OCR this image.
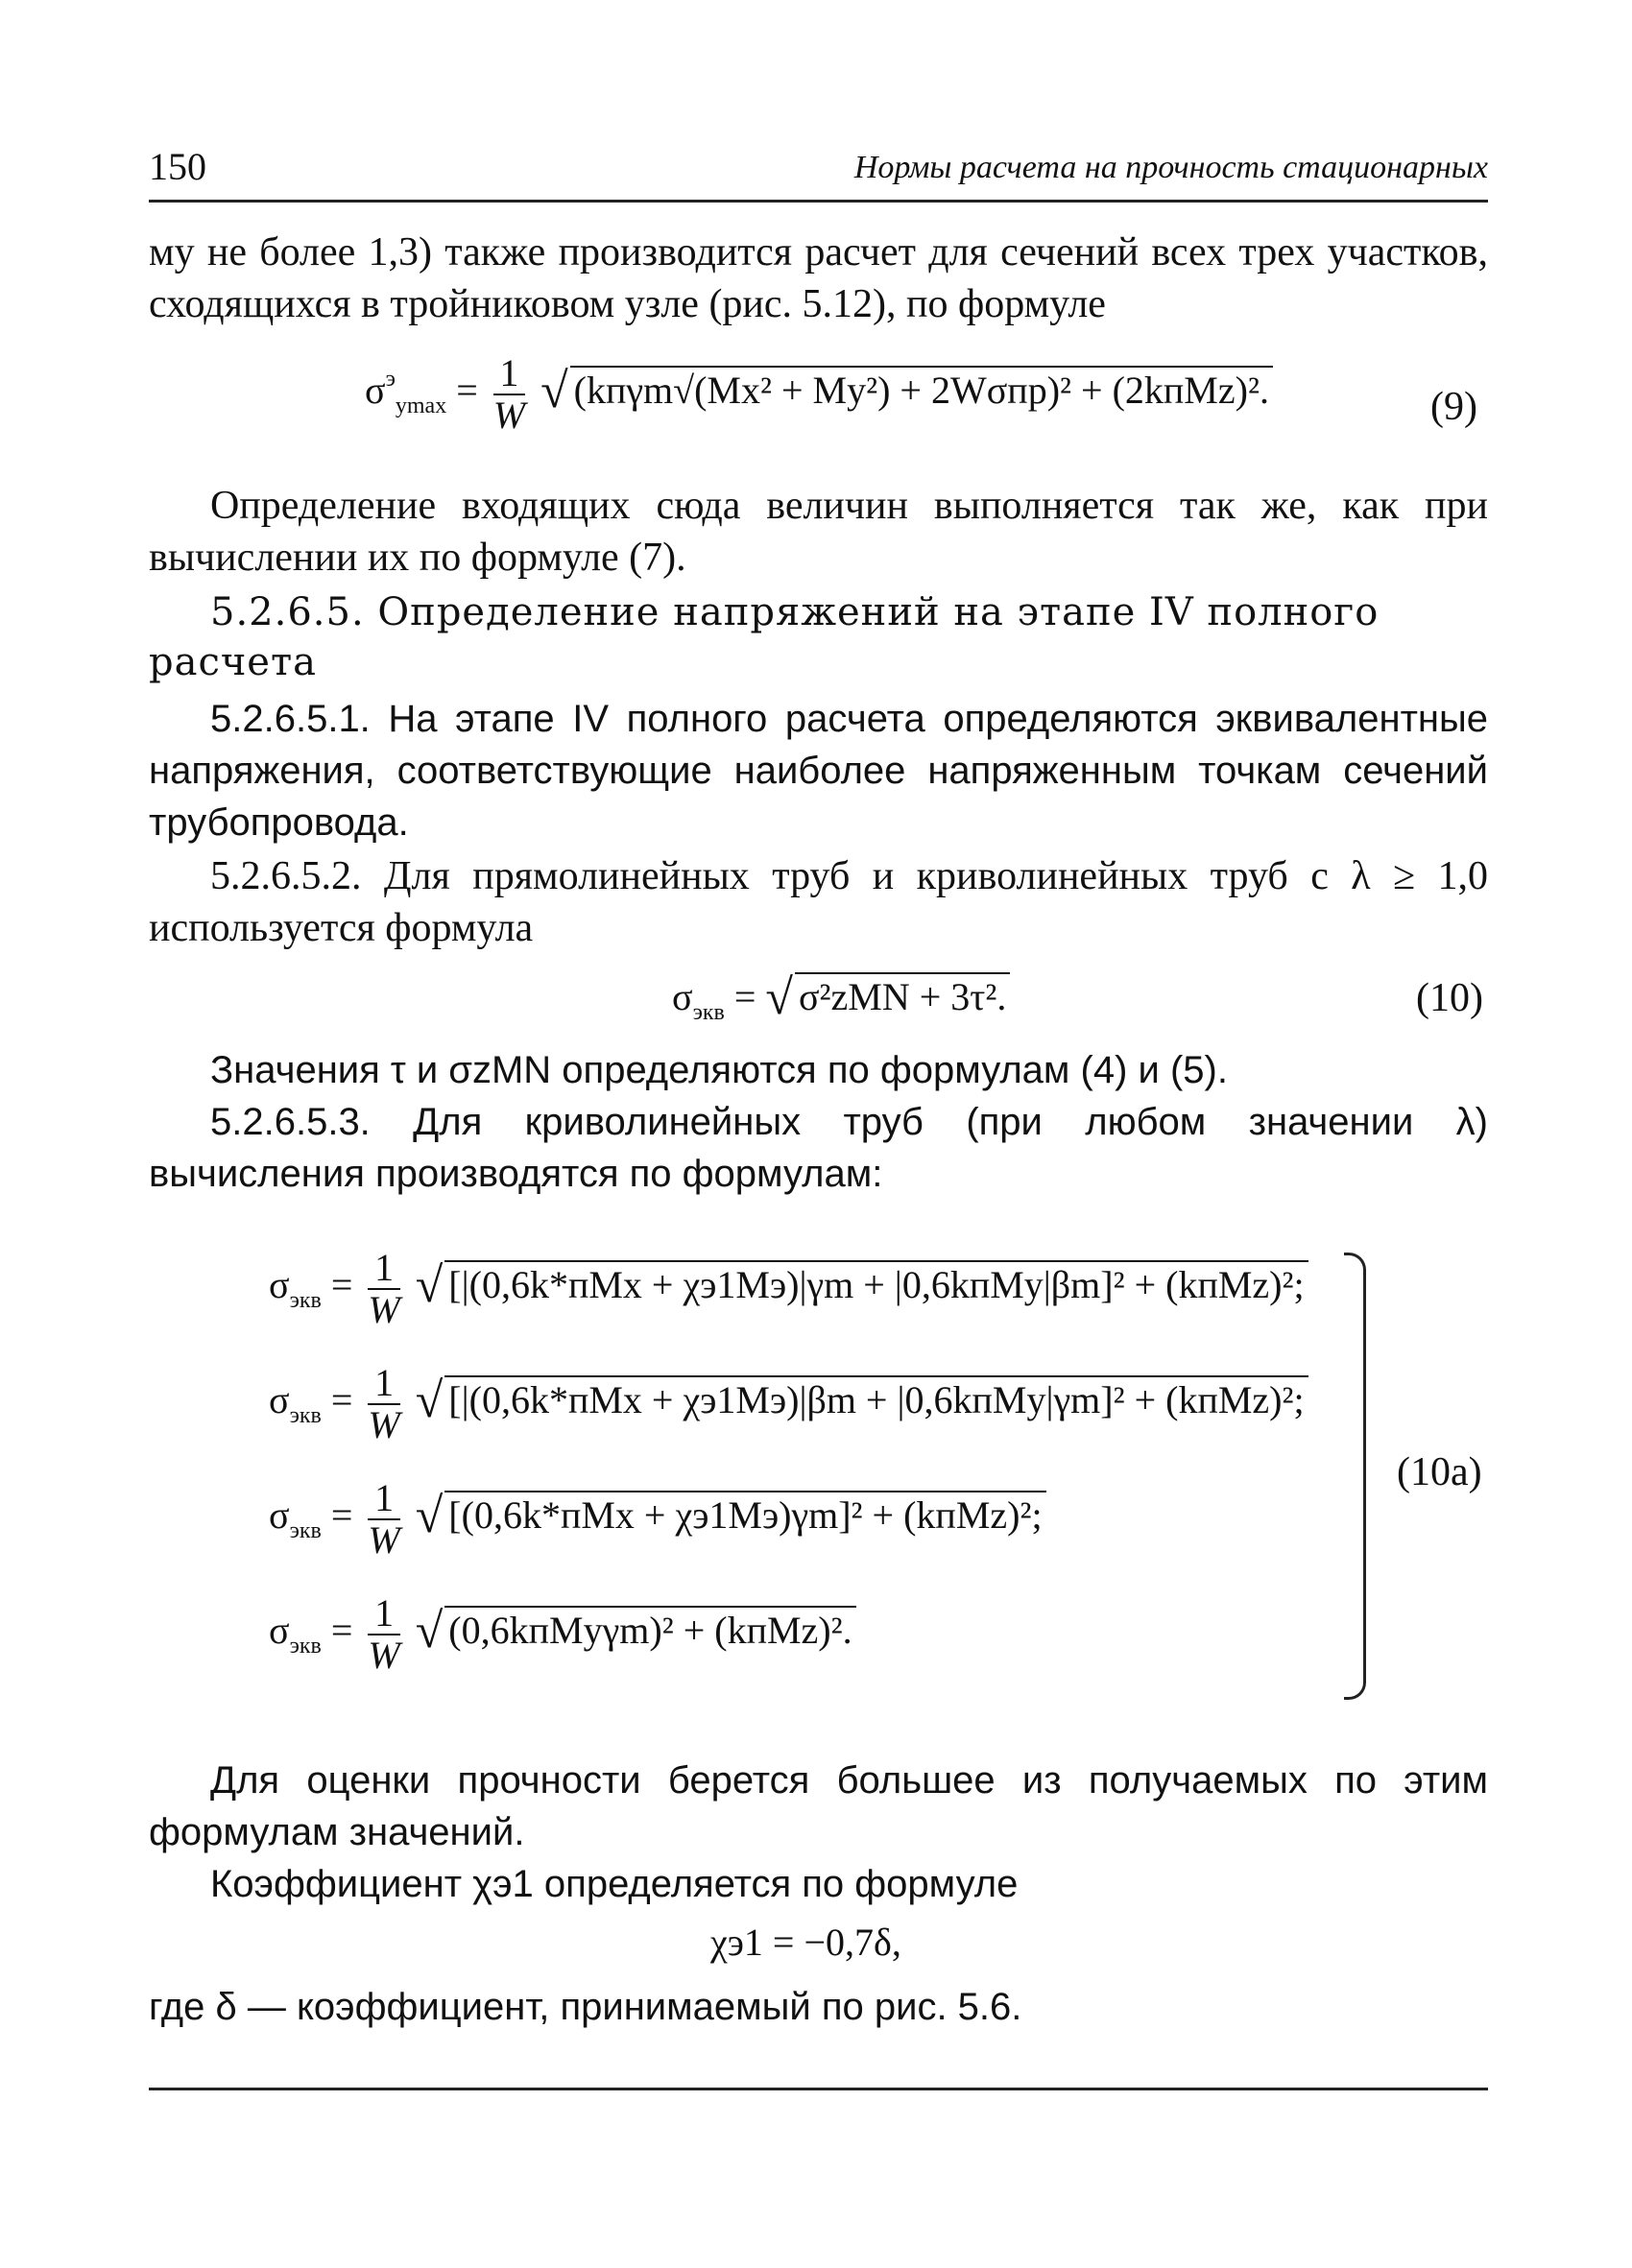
150	Нормы расчета на прочность стационарных
му не более 1,3) также производится расчет для сечений всех трех участков, сходящихся в тройниковом узле (рис. 5.12), по формуле
$\sigma^э_{ymax} = \frac{1}{W}$ √ (kпγm√(Mx² + My²) + 2Wσпр)² + (2kпMz)².	(9)
Определение входящих сюда величин выполняется так же, как при вычислении их по формуле (7).
5.2.6.5. Определение напряжений на этапе IV полного расчета
5.2.6.5.1. На этапе IV полного расчета определяются эквивалентные напряжения, соответствующие наиболее напряженным точкам сечений трубопровода.
5.2.6.5.2. Для прямолинейных труб и криволинейных труб с λ ≥ 1,0 используется формула
$\sigma_{экв}$ = √ σ²zMN + 3τ².	(10)
Значения τ и σzMN определяются по формулам (4) и (5).
5.2.6.5.3. Для криволинейных труб (при любом значении λ) вычисления производятся по формулам:
$\sigma_{экв} = \frac{1}{W}$ √ [|(0,6k*пMx + χэ1Mэ)|γm + |0,6kпMy|βm]² + (kпMz)²;
$\sigma_{экв} = \frac{1}{W}$ √ [|(0,6k*пMx + χэ1Mэ)|βm + |0,6kпMy|γm]² + (kпMz)²;
$\sigma_{экв} = \frac{1}{W}$ √ [(0,6k*пMx + χэ1Mэ)γm]² + (kпMz)²;
$\sigma_{экв} = \frac{1}{W}$ √ (0,6kпMyγm)² + (kпMz)².
(10а)
Для оценки прочности берется большее из получаемых по этим формулам значений.
Коэффициент χэ1 определяется по формуле
χэ1 = −0,7δ,
где δ — коэффициент, принимаемый по рис. 5.6.
